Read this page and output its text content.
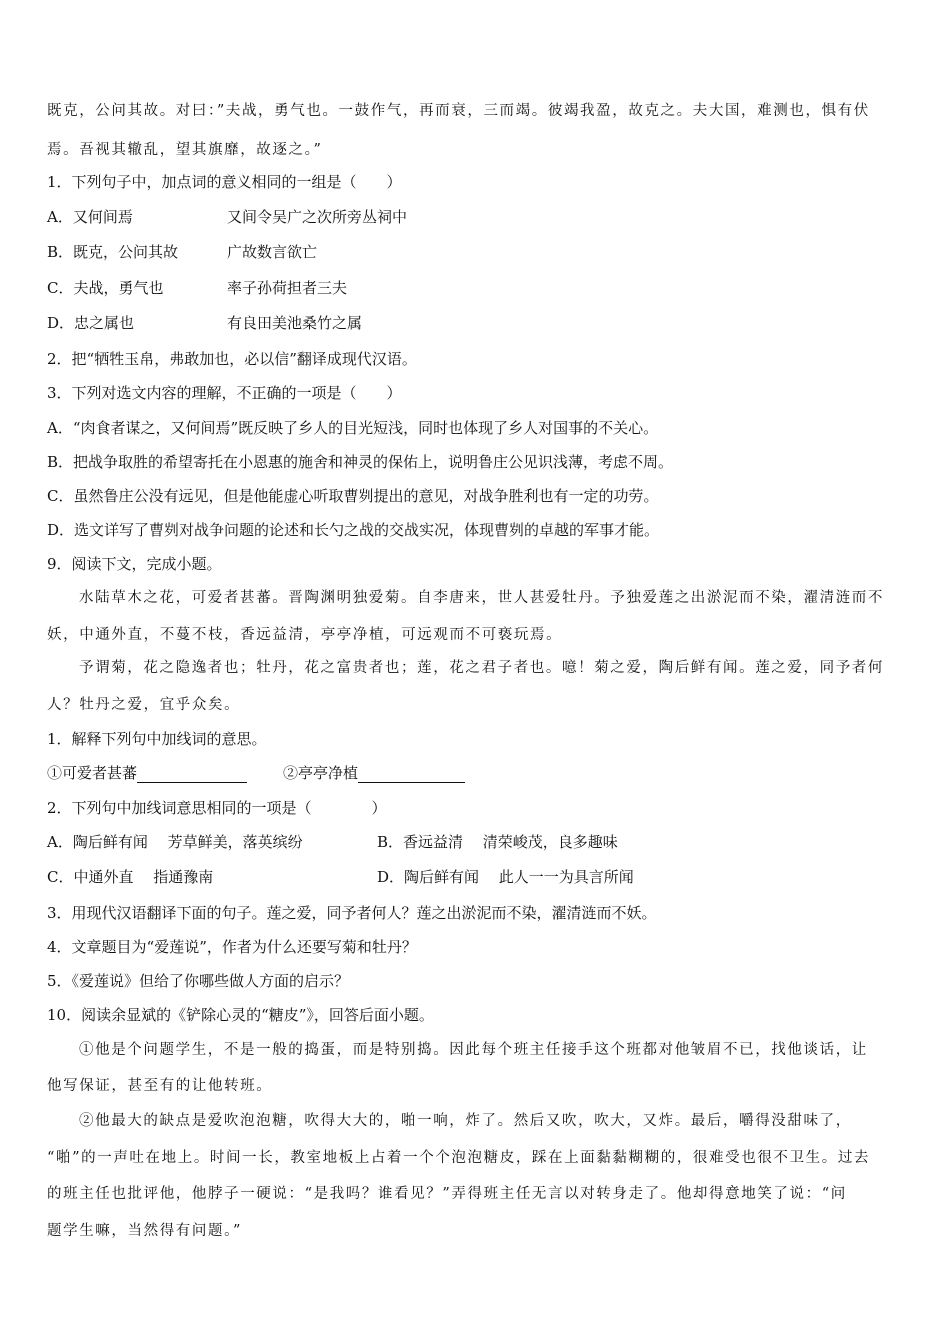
既克，公问其故。对曰：”夫战，勇气也。一鼓作气，再而衰，三而竭。彼竭我盈，故克之。夫大国，难测也，惧有伏
焉。吾视其辙乱，望其旗靡，故逐之。”
1．下列句子中，加点词的意义相同的一组是（　　）
A．又何间焉	又间令吴广之次所旁丛祠中
B．既克，公问其故	广故数言欲亡
C．夫战，勇气也	率子孙荷担者三夫
D．忠之属也	有良田美池桑竹之属
2．把“牺牲玉帛，弗敢加也，必以信”翻译成现代汉语。
3．下列对选文内容的理解，不正确的一项是（　　）
A．“肉食者谋之，又何间焉”既反映了乡人的目光短浅，同时也体现了乡人对国事的不关心。
B．把战争取胜的希望寄托在小恩惠的施舍和神灵的保佑上，说明鲁庄公见识浅薄，考虑不周。
C．虽然鲁庄公没有远见，但是他能虚心听取曹刿提出的意见，对战争胜利也有一定的功劳。
D．选文详写了曹刿对战争问题的论述和长勺之战的交战实况，体现曹刿的卓越的军事才能。
9．阅读下文，完成小题。
水陆草木之花，可爱者甚蕃。晋陶渊明独爱菊。自李唐来，世人甚爱牡丹。予独爱莲之出淤泥而不染，濯清涟而不
妖，中通外直，不蔓不枝，香远益清，亭亭净植，可远观而不可亵玩焉。
予谓菊，花之隐逸者也；牡丹，花之富贵者也；莲，花之君子者也。噫！菊之爱，陶后鲜有闻。莲之爱，同予者何
人？牡丹之爱，宜乎众矣。
1．解释下列句中加线词的意思。
①可爱者甚蕃	②亭亭净植
2．下列句中加线词意思相同的一项是（　　　　）
A．陶后鲜有闻　 芳草鲜美，落英缤纷	B．香远益清　 清荣峻茂，良多趣味
C．中通外直　 指通豫南	D．陶后鲜有闻　 此人一一为具言所闻
3．用现代汉语翻译下面的句子。莲之爱，同予者何人？莲之出淤泥而不染，濯清涟而不妖。
4．文章题目为“爱莲说”，作者为什么还要写菊和牡丹？
5．《爱莲说》但给了你哪些做人方面的启示？
10．阅读余显斌的《铲除心灵的“糖皮”》，回答后面小题。
①他是个问题学生，不是一般的捣蛋，而是特别捣。因此每个班主任接手这个班都对他皱眉不已，找他谈话，让
他写保证，甚至有的让他转班。
②他最大的缺点是爱吹泡泡糖，吹得大大的，啪一响，炸了。然后又吹，吹大，又炸。最后，嚼得没甜味了，
“啪”的一声吐在地上。时间一长，教室地板上占着一个个泡泡糖皮，踩在上面黏黏糊糊的，很难受也很不卫生。过去
的班主任也批评他，他脖子一硬说：“是我吗？谁看见？”弄得班主任无言以对转身走了。他却得意地笑了说：“问
题学生嘛，当然得有问题。”
